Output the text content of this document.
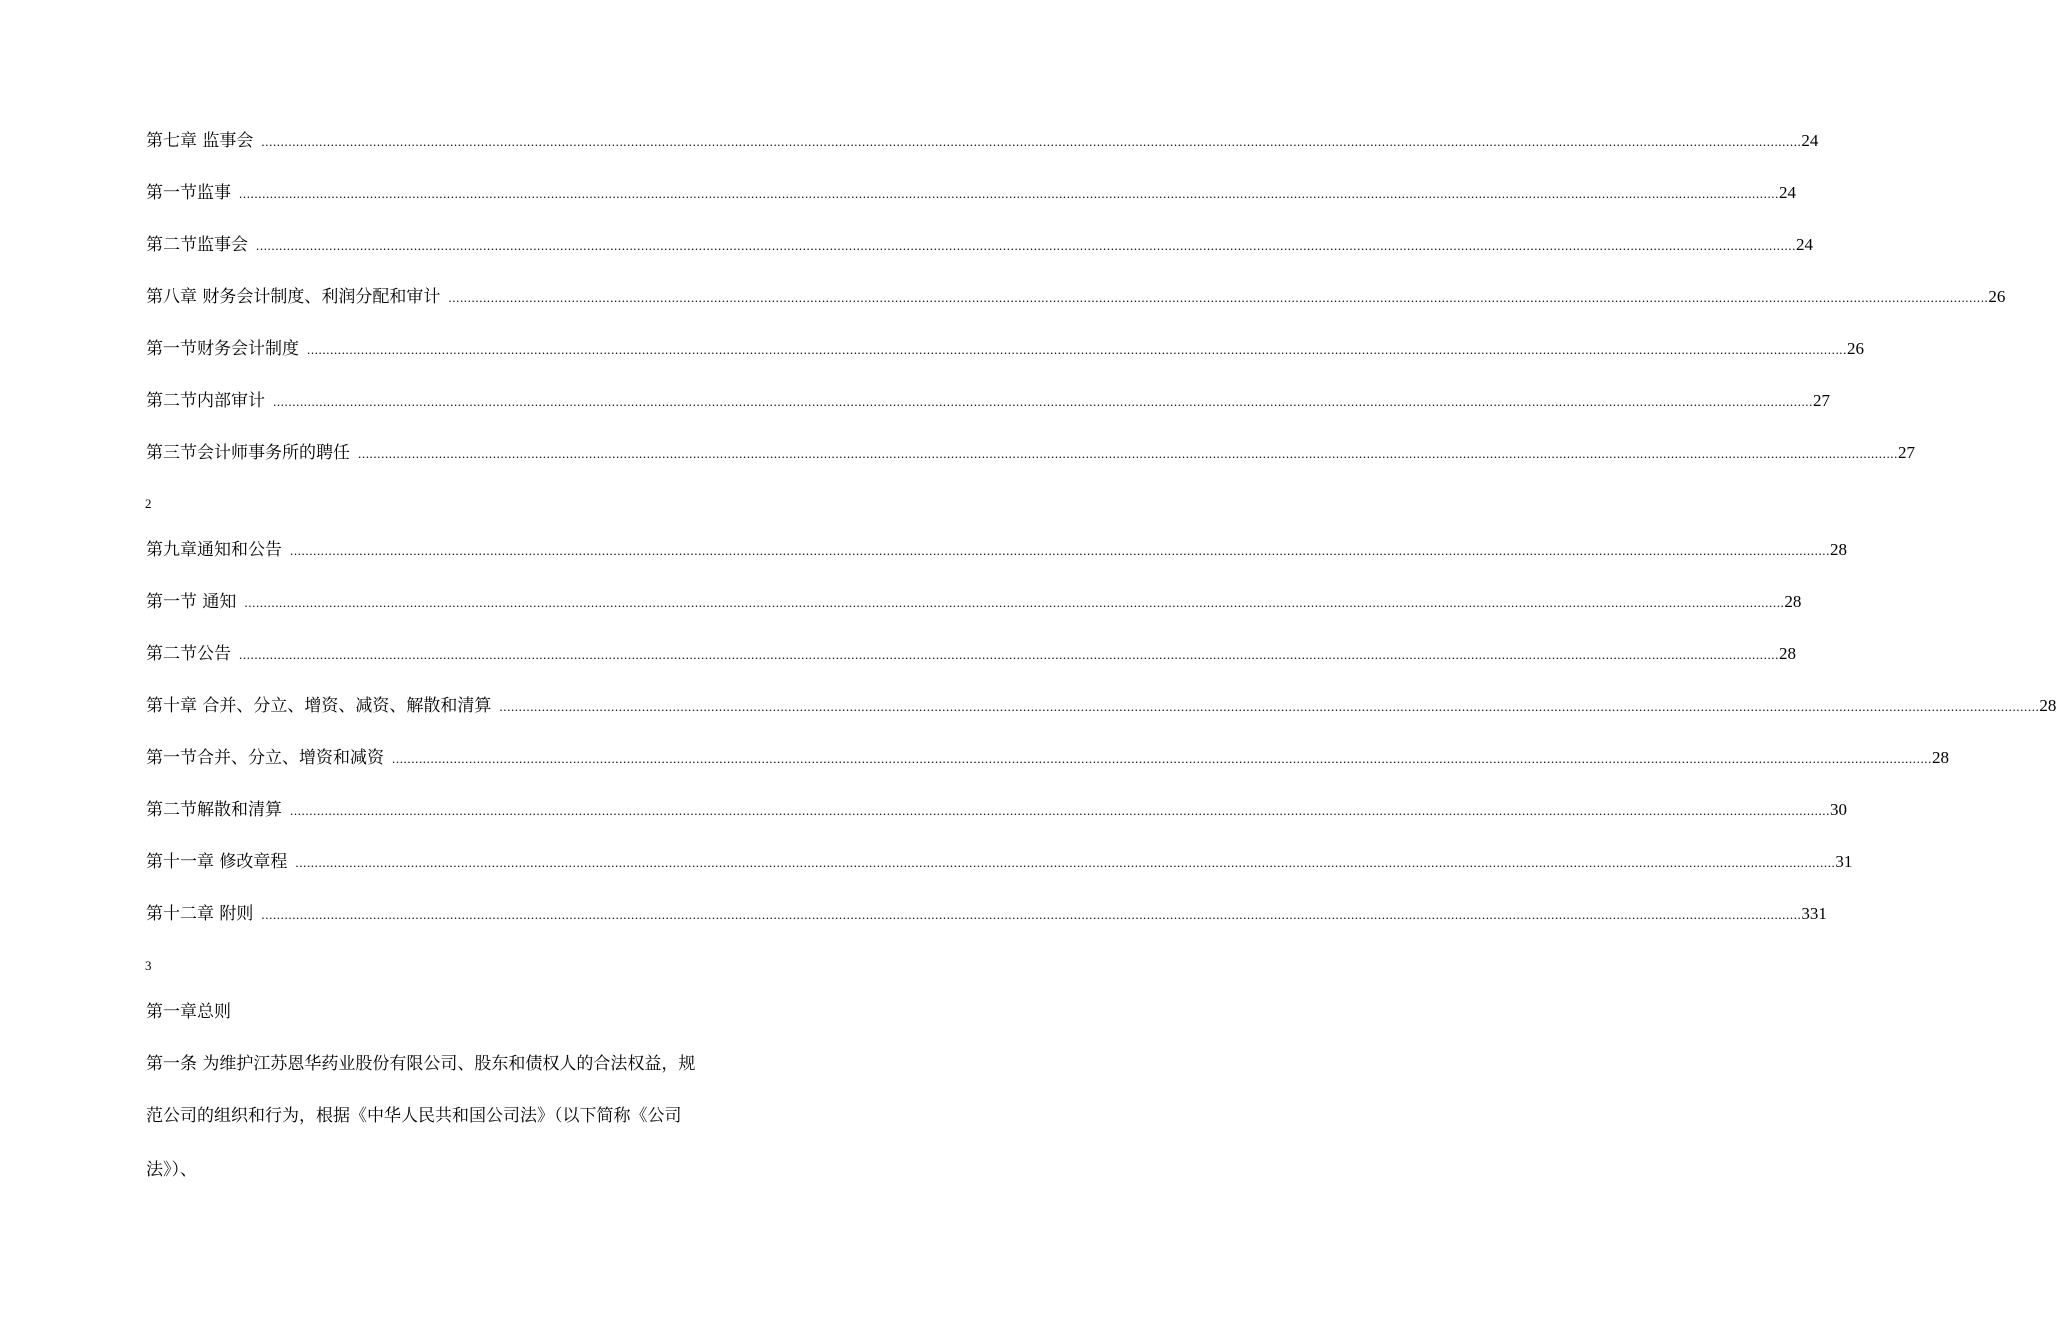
第七章 监事会 ................................................................................................................................................................................................................................................................................................................................................................................................................ 24
第一节监事 ................................................................................................................................................................................................................................................................................................................................................................................................................ 24
第二节监事会 ................................................................................................................................................................................................................................................................................................................................................................................................................ 24
第八章 财务会计制度、利润分配和审计 ................................................................................................................................................................................................................................................................................................................................................................................................................ 26
第一节财务会计制度 ................................................................................................................................................................................................................................................................................................................................................................................................................ 26
第二节内部审计 ................................................................................................................................................................................................................................................................................................................................................................................................................ 27
第三节会计师事务所的聘任 ................................................................................................................................................................................................................................................................................................................................................................................................................ 27
2
第九章通知和公告 ................................................................................................................................................................................................................................................................................................................................................................................................................ 28
第一节 通知 ................................................................................................................................................................................................................................................................................................................................................................................................................ 28
第二节公告 ................................................................................................................................................................................................................................................................................................................................................................................................................ 28
第十章 合并、分立、增资、减资、解散和清算 ................................................................................................................................................................................................................................................................................................................................................................................................................ 28
第一节合并、分立、增资和减资 ................................................................................................................................................................................................................................................................................................................................................................................................................ 28
第二节解散和清算 ................................................................................................................................................................................................................................................................................................................................................................................................................ 30
第十一章 修改章程 ................................................................................................................................................................................................................................................................................................................................................................................................................ 31
第十二章 附则 ................................................................................................................................................................................................................................................................................................................................................................................................................ 331
3
第一章总则
第一条 为维护江苏恩华药业股份有限公司、股东和债权人的合法权益，规
范公司的组织和行为，根据《中华人民共和国公司法》（以下简称《公司
法》）、
